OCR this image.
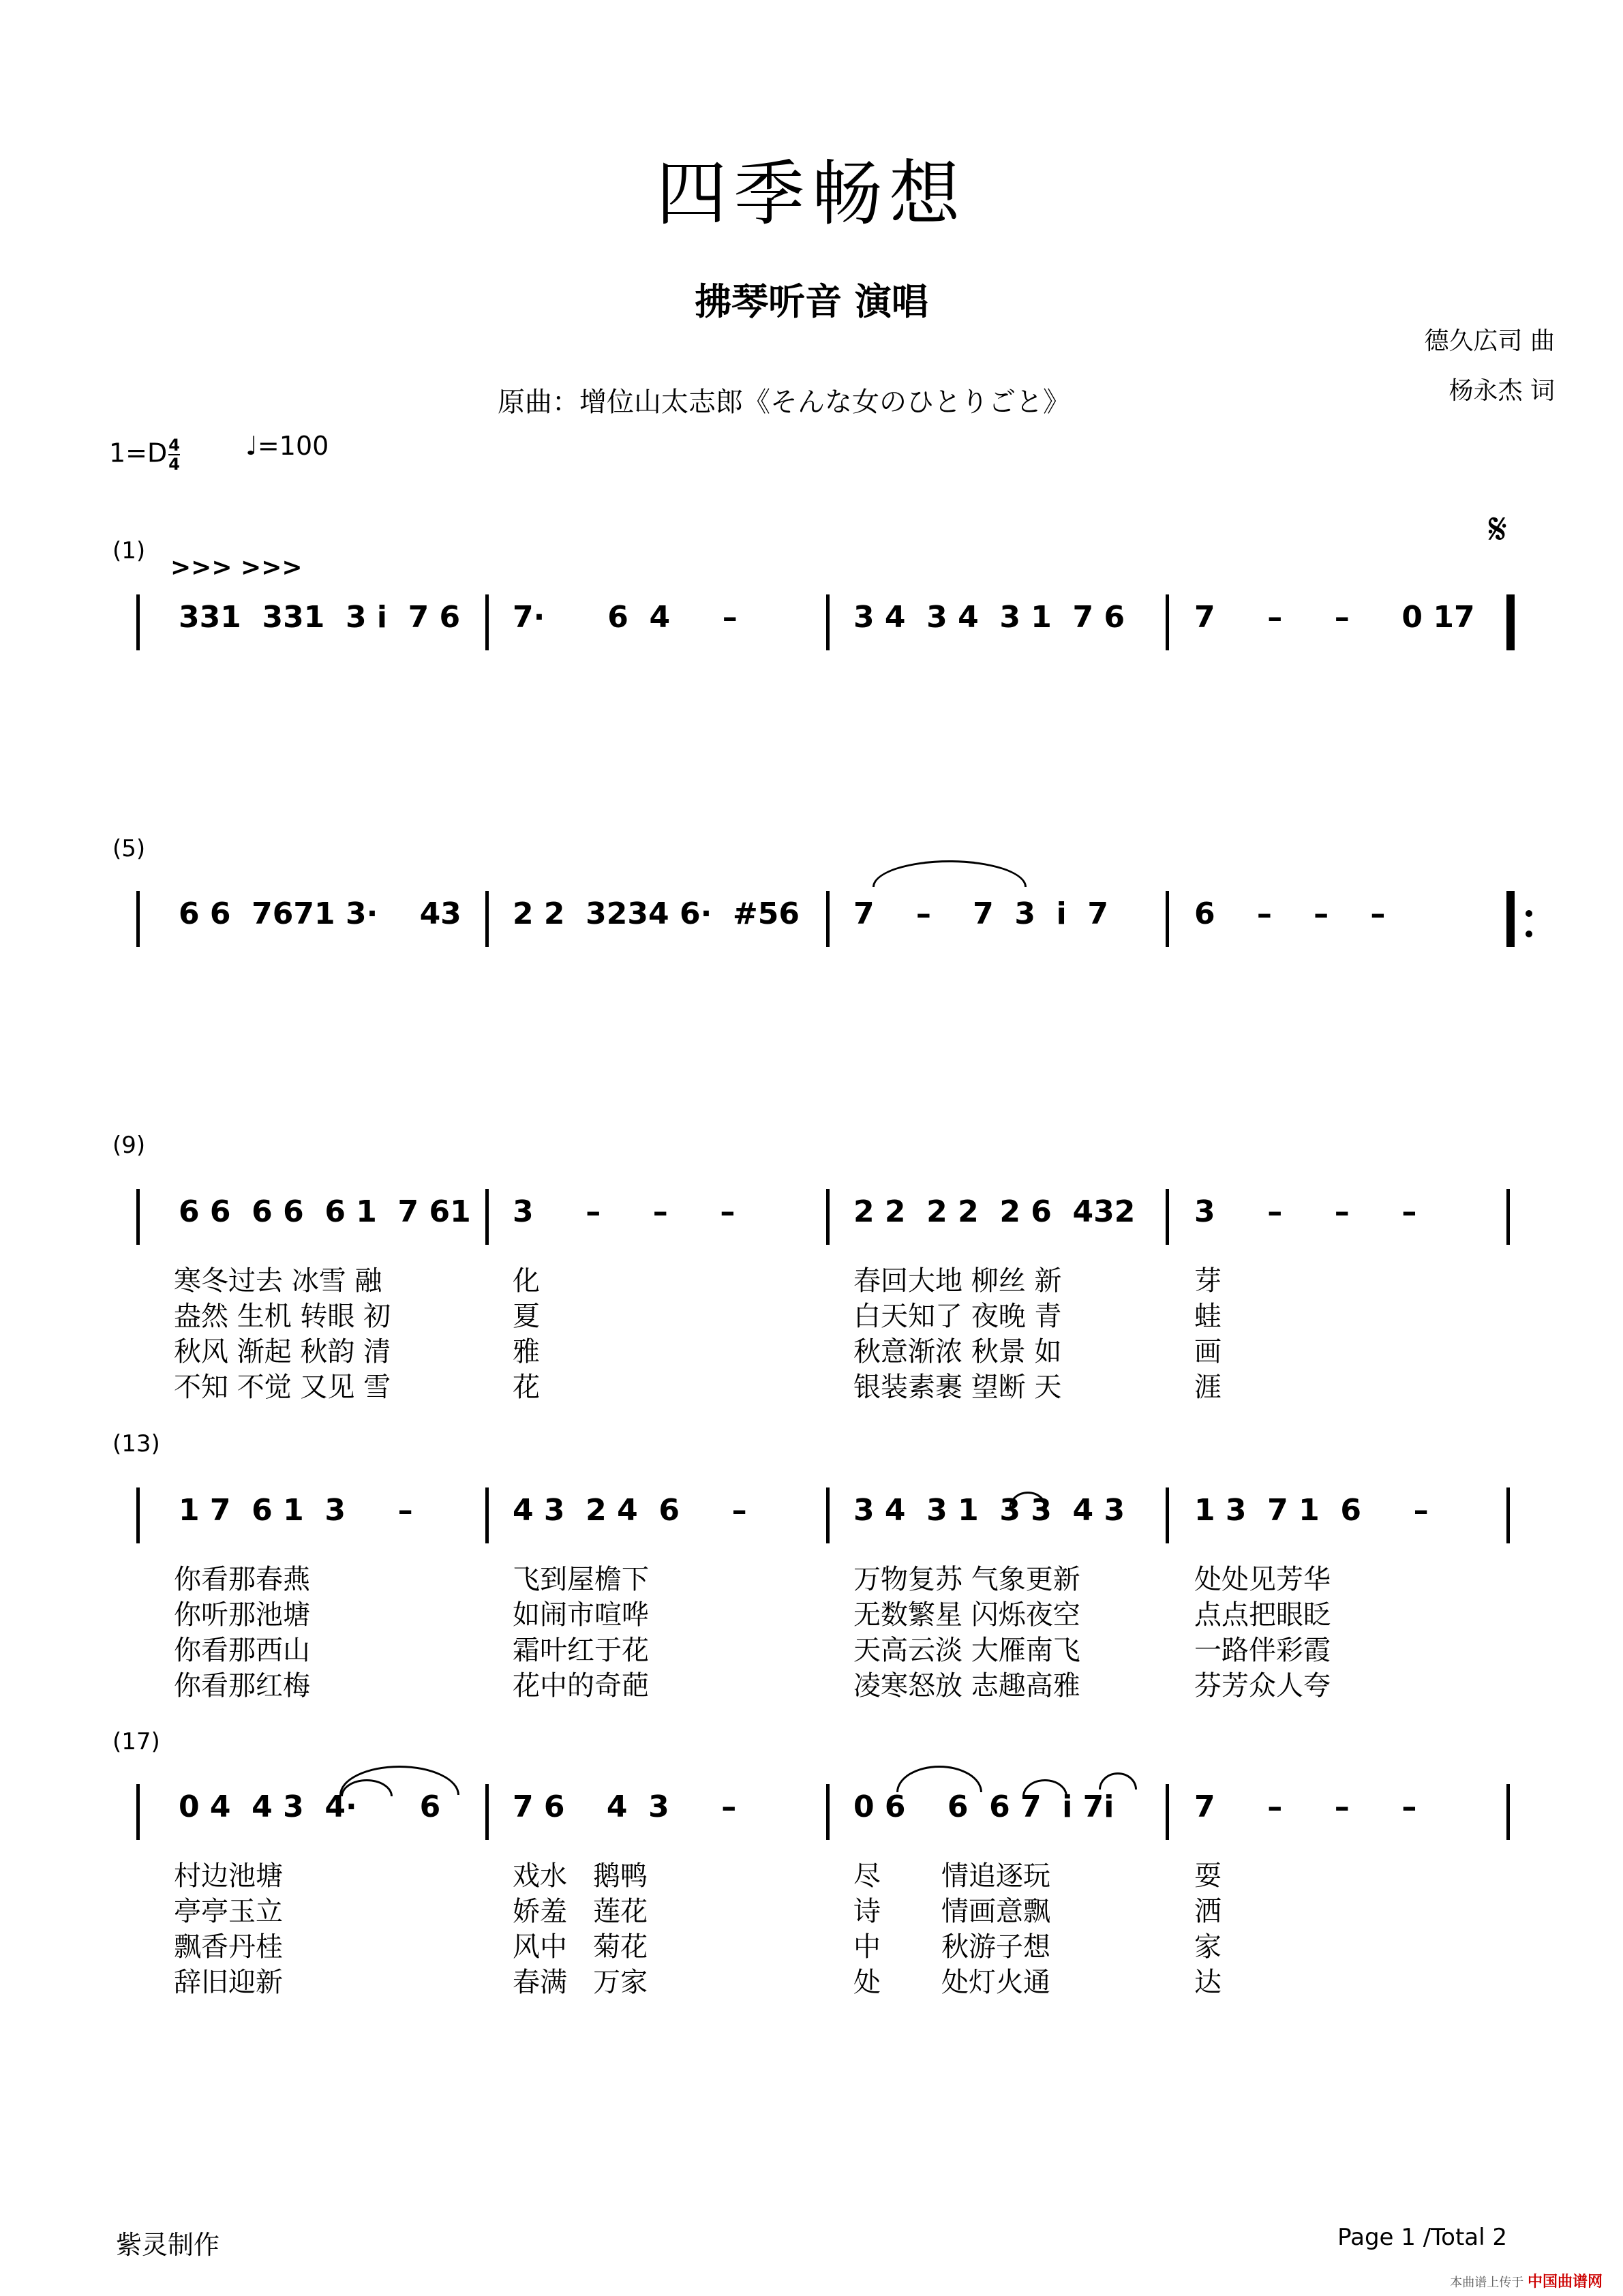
四季畅想
拂琴听音 演唱
德久広司 曲
杨永杰 词
原曲：增位山太志郎《そんな女のひとりごと》
$1=D \frac{4}{4}$	♩=100
𝄋
>>> >>>
(1)
(5)
(9)
(13)
(17)
331  331  3 i  7 6 7·      6  4     –	3 4  3 4  3 1  7 6 7     –     –     0 17
6 6  7671 3·    43 2 2  3234 6·  #56 7    –    7  3  i  7	6    –    –    –
6 6  6 6  6 1  7 61 3     –     –     –	2 2  2 2  2 6  432 3     –     –     –
寒冬过去 冰雪 融	化	春回大地 柳丝 新	芽
盎然 生机 转眼 初	夏	白天知了 夜晚 青	蛙
秋风 渐起 秋韵 清	雅	秋意渐浓 秋景 如	画
不知 不觉 又见 雪	花	银装素裹 望断 天	涯
1 7  6 1  3     –	4 3  2 4  6     –	3 4  3 1  3 3  4 3 1 3  7 1  6     –
你看那春燕	飞到屋檐下	万物复苏 气象更新	处处见芳华
你听那池塘	如闹市喧哗	无数繁星 闪烁夜空	点点把眼眨
你看那西山	霜叶红于花	天高云淡 大雁南飞	一路伴彩霞
你看那红梅	花中的奇葩	凌寒怒放 志趣高雅	芬芳众人夸
0 4  4 3  4·      6 7 6    4  3     –	0 6    6  6 7  i 7i	7     –     –     –
村边池塘	戏水   鹅鸭	尽       情追逐玩	耍
亭亭玉立	娇羞   莲花	诗       情画意飘	洒
飘香丹桂	风中   菊花	中       秋游子想	家
辞旧迎新	春满   万家	处       处灯火通	达
紫灵制作	Page 1 /Total 2
本曲谱上传于 中国曲谱网
